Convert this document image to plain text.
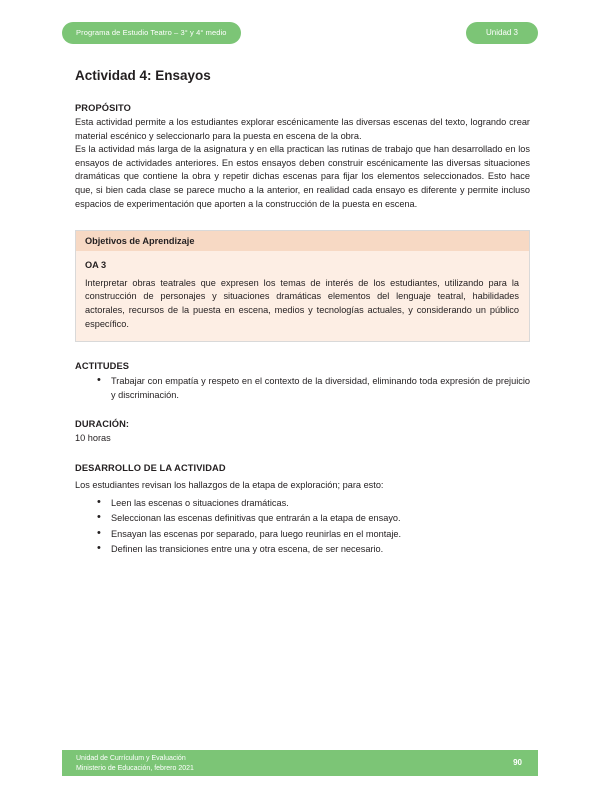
Programa de Estudio Teatro – 3° y 4° medio	Unidad 3
Actividad 4: Ensayos
PROPÓSITO

Esta actividad permite a los estudiantes explorar escénicamente las diversas escenas del texto, logrando crear material escénico y seleccionarlo para la puesta en escena de la obra.

Es la actividad más larga de la asignatura y en ella practican las rutinas de trabajo que han desarrollado en los ensayos de actividades anteriores. En estos ensayos deben construir escénicamente las diversas situaciones dramáticas que contiene la obra y repetir dichas escenas para fijar los elementos seleccionados. Esto hace que, si bien cada clase se parece mucho a la anterior, en realidad cada ensayo es diferente y permite incluso espacios de experimentación que aporten a la construcción de la puesta en escena.

Objetivos de Aprendizaje
OA 3
Interpretar obras teatrales que expresen los temas de interés de los estudiantes, utilizando para la construcción de personajes y situaciones dramáticas elementos del lenguaje teatral, habilidades actorales, recursos de la puesta en escena, medios y tecnologías actuales, y considerando un público específico.
ACTITUDES
• Trabajar con empatía y respeto en el contexto de la diversidad, eliminando toda expresión de prejuicio y discriminación.
DURACIÓN:
10 horas
DESARROLLO DE LA ACTIVIDAD

Los estudiantes revisan los hallazgos de la etapa de exploración; para esto:

• Leen las escenas o situaciones dramáticas.
• Seleccionan las escenas definitivas que entrarán a la etapa de ensayo.
• Ensayan las escenas por separado, para luego reunirlas en el montaje.
• Definen las transiciones entre una y otra escena, de ser necesario.
Unidad de Currículum y Evaluación
Ministerio de Educación, febrero 2021
90
